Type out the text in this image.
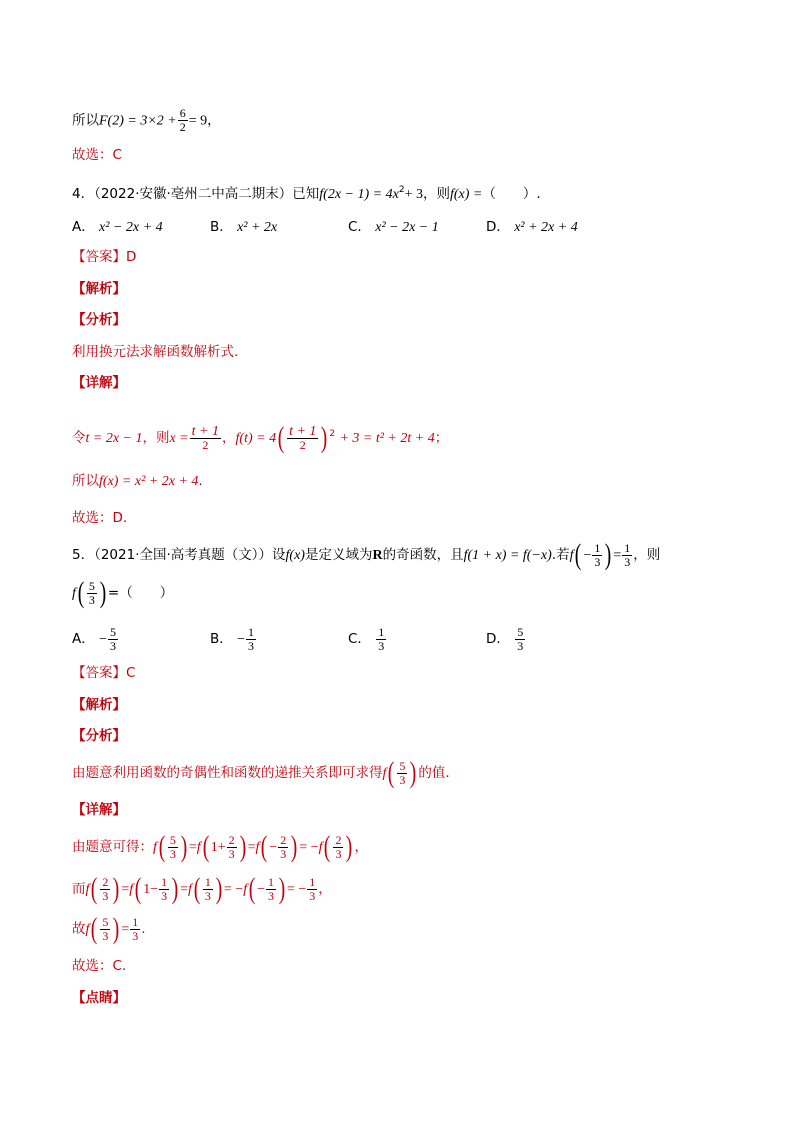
所以$F(2) = 3\times 2 + \frac{6}{2} = 9$，
故选：C
4．（2022·安徽·亳州二中高二期末）已知$f(2x - 1) = 4x^2+ 3$，则f(x) =（　　）.
A． x² − 2x + 4	B． x² + 2x	C． x² − 2x − 1	D． x² + 2x + 4
【答案】D
【解析】
【分析】
利用换元法求解函数解析式.
【详解】
令t = 2x − 1，则$x = \frac{t + 1}{2}$ ，$f(t) = 4( \frac{t + 1}{2}$ ) $^2$ + 3 = t² + 2t + 4；
所以f(x) = x² + 2x + 4.
故选：D.
5．（2021·全国·高考真题（文））设f(x)是定义域为R的奇函数，且f(1 + x) = f(−x).若$f( - \frac{1}{3}$ ) = $\frac{1}{3}$ ，则
$f( \frac{5}{3}$ ) =（　　）
A． − $\frac{5}{3}$	B． − $\frac{1}{3}$	C． $\frac{1}{3}$	D． $\frac{5}{3}$
【答案】C
【解析】
【分析】
由题意利用函数的奇偶性和函数的递推关系即可求得$f( \frac{5}{3}$ ) 的值.
【详解】
由题意可得：$f( \frac{5}{3}$ ) =f( $1+ \frac{2}{3}$ ) $=f( - \frac{2}{3}$ ) = $-f( \frac{2}{3}$ ) ，
而$f( \frac{2}{3}$ ) =f( $1- \frac{1}{3}$ ) $=f( \frac{1}{3}$ ) = $-f( - \frac{1}{3}$ ) = − $\frac{1}{3}$ ，
故$f( \frac{5}{3}$ ) = $\frac{1}{3}$ .
故选：C.
【点睛】
